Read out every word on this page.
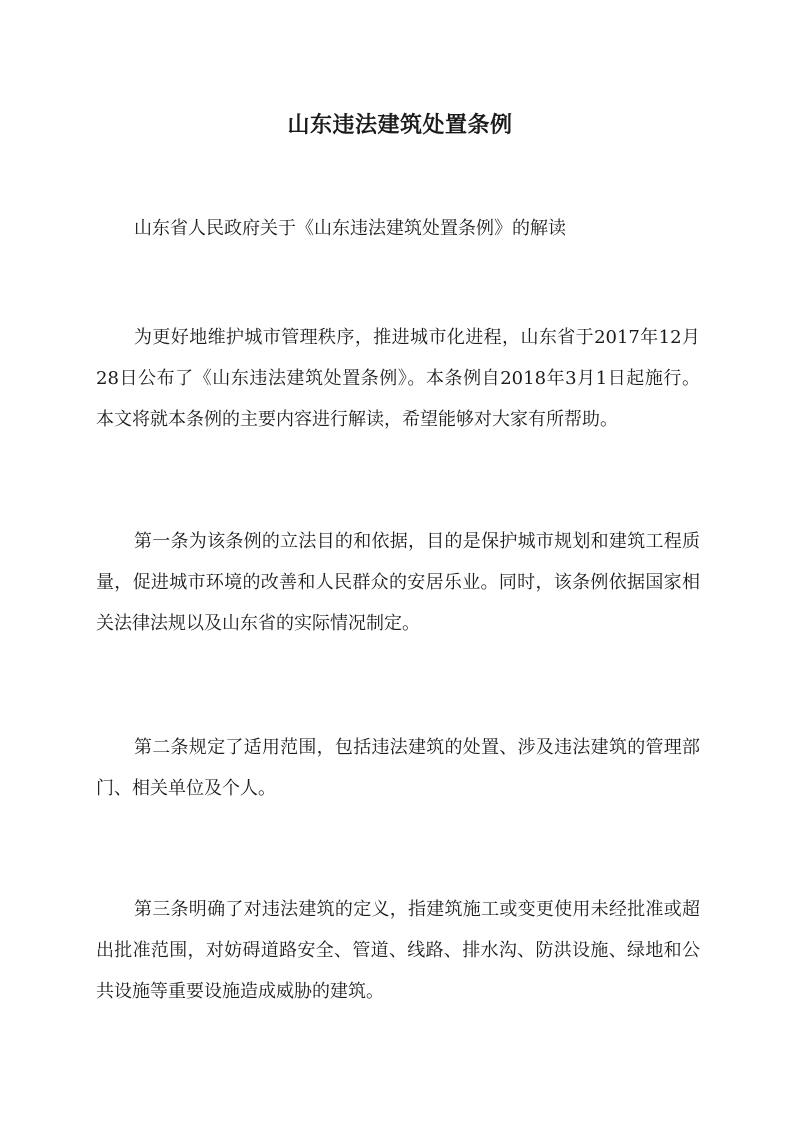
山东违法建筑处置条例

山东省人民政府关于《山东违法建筑处置条例》的解读

为更好地维护城市管理秩序，推进城市化进程，山东省于2017年12月28日公布了《山东违法建筑处置条例》。本条例自2018年3月1日起施行。本文将就本条例的主要内容进行解读，希望能够对大家有所帮助。

第一条为该条例的立法目的和依据，目的是保护城市规划和建筑工程质量，促进城市环境的改善和人民群众的安居乐业。同时，该条例依据国家相关法律法规以及山东省的实际情况制定。

第二条规定了适用范围，包括违法建筑的处置、涉及违法建筑的管理部门、相关单位及个人。

第三条明确了对违法建筑的定义，指建筑施工或变更使用未经批准或超出批准范围，对妨碍道路安全、管道、线路、排水沟、防洪设施、绿地和公共设施等重要设施造成威胁的建筑。
